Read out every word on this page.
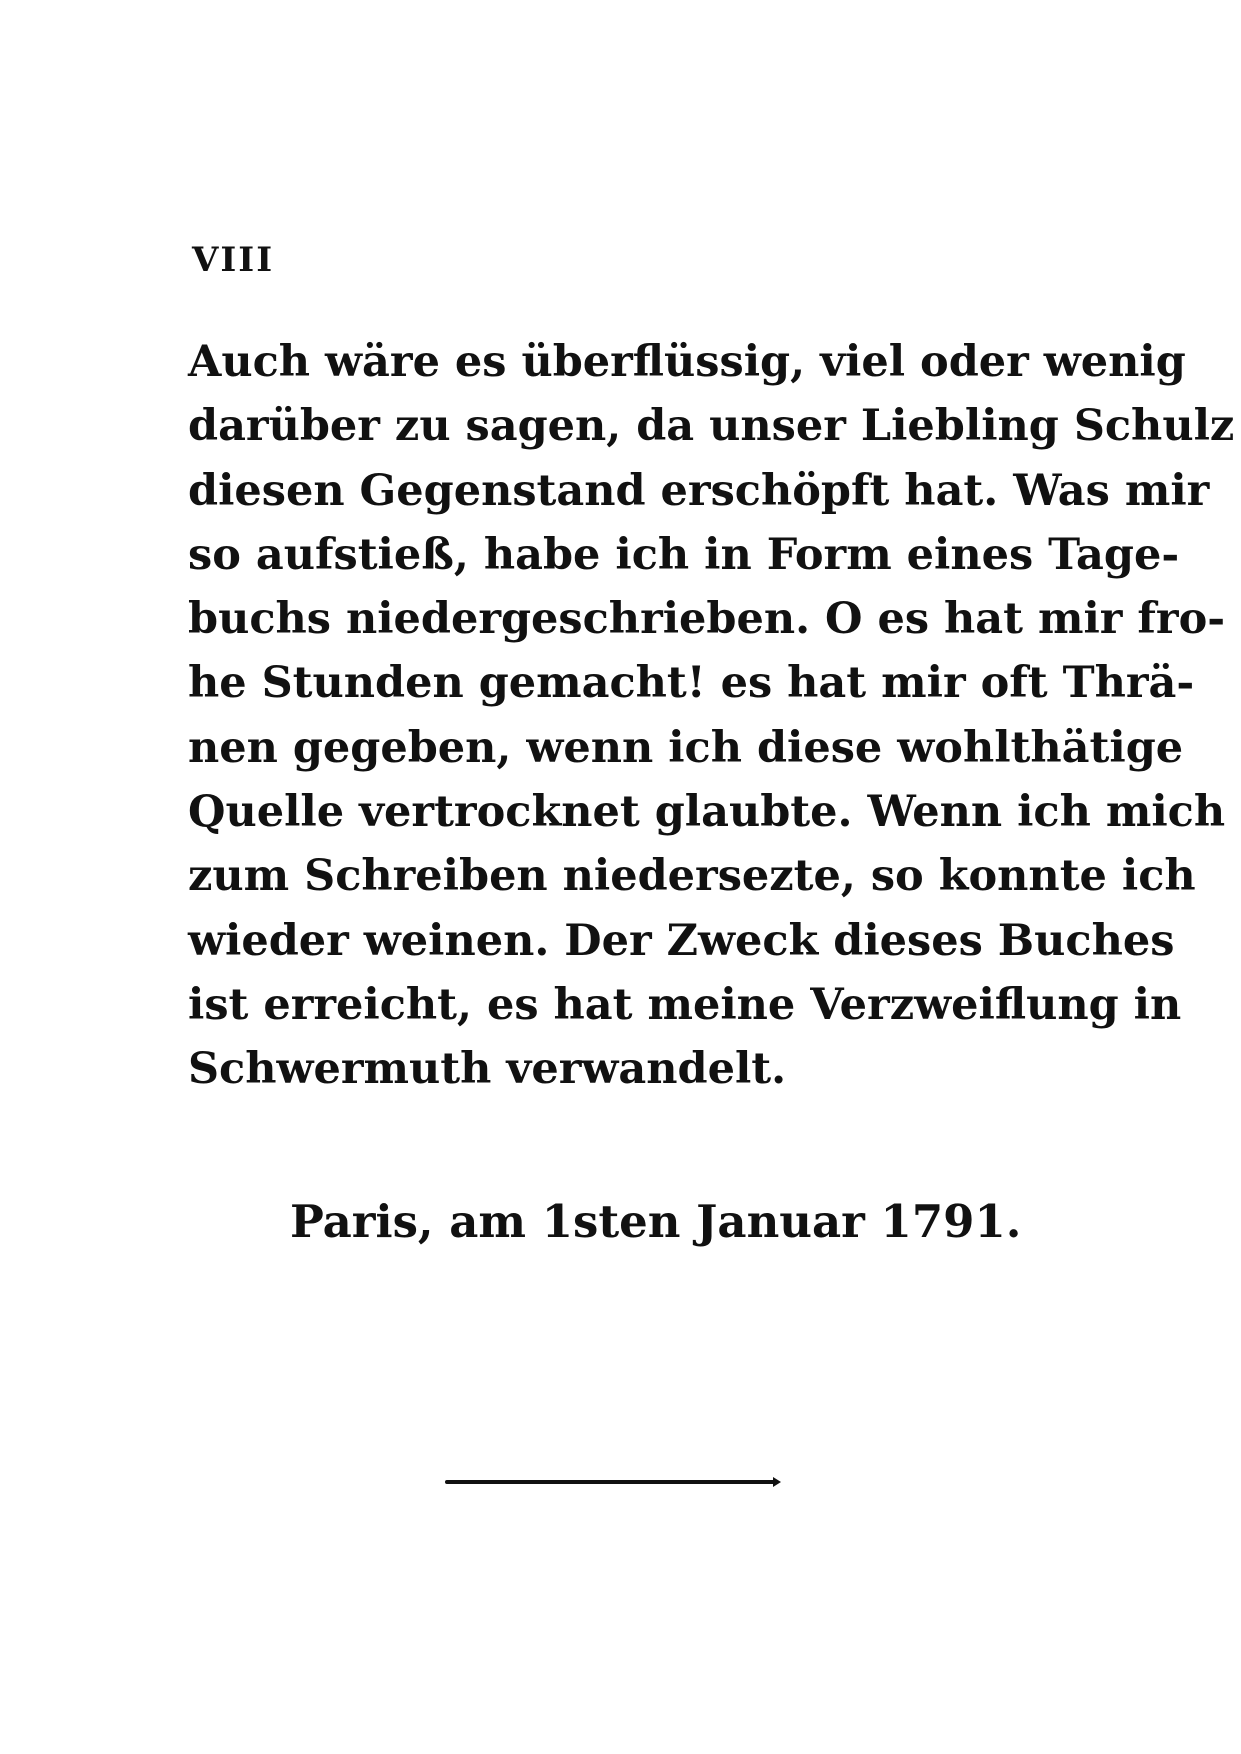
VIII
Auch wäre es überflüssig, viel oder wenig
darüber zu sagen, da unser Liebling Schulz
diesen Gegenstand erschöpft hat. Was mir
so aufstieß, habe ich in Form eines Tage-
buchs niedergeschrieben. O es hat mir fro-
he Stunden gemacht! es hat mir oft Thrä-
nen gegeben, wenn ich diese wohlthätige
Quelle vertrocknet glaubte. Wenn ich mich
zum Schreiben niedersezte, so konnte ich
wieder weinen. Der Zweck dieses Buches
ist erreicht, es hat meine Verzweiflung in
Schwermuth verwandelt.
Paris, am 1sten Januar 1791.
